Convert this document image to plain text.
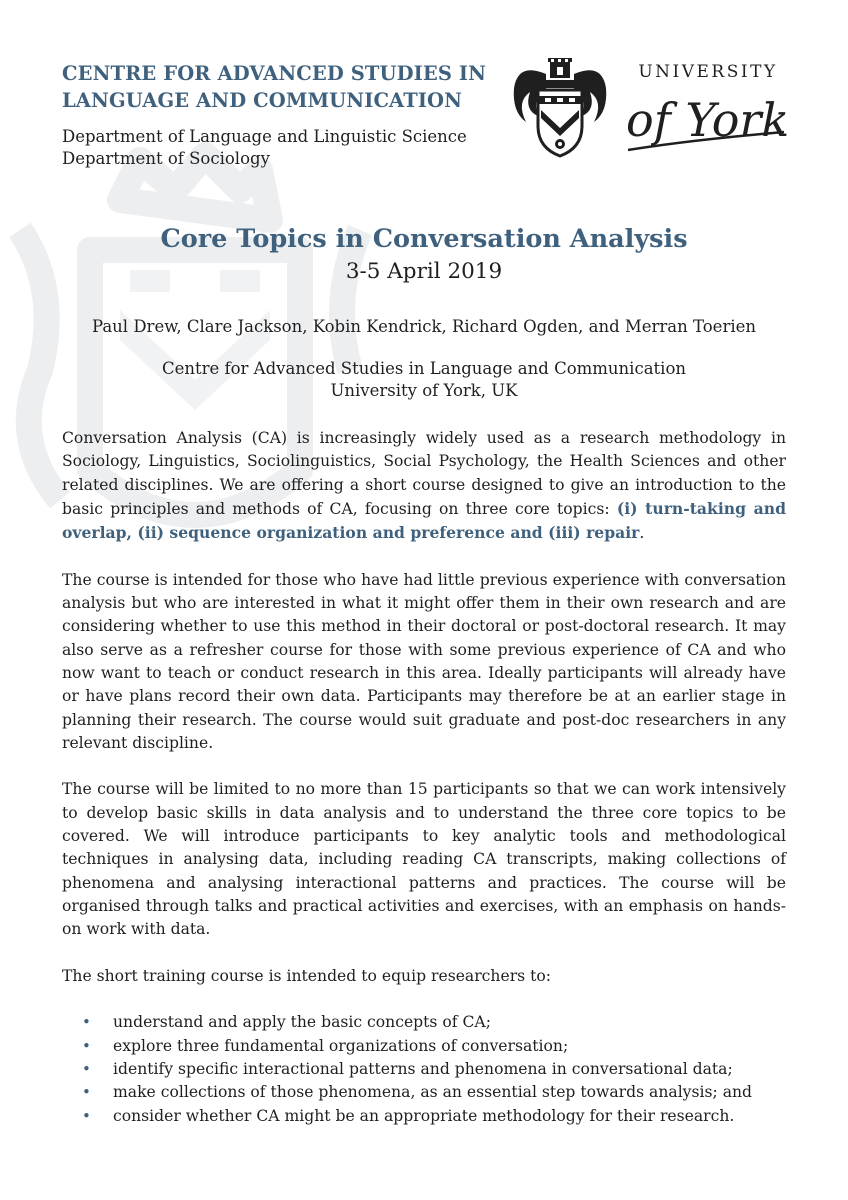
CENTRE FOR ADVANCED STUDIES IN
LANGUAGE AND COMMUNICATION
Department of Language and Linguistic Science
Department of Sociology
UNIVERSITY
of York
Core Topics in Conversation Analysis
3-5 April 2019
Paul Drew, Clare Jackson, Kobin Kendrick, Richard Ogden, and Merran Toerien
Centre for Advanced Studies in Language and Communication
University of York, UK

Conversation Analysis (CA) is increasingly widely used as a research methodology in Sociology, Linguistics, Sociolinguistics, Social Psychology, the Health Sciences and other related disciplines. We are offering a short course designed to give an introduction to the basic principles and methods of CA, focusing on three core topics: (i) turn-taking and overlap, (ii) sequence organization and preference and (iii) repair.

The course is intended for those who have had little previous experience with conversation analysis but who are interested in what it might offer them in their own research and are considering whether to use this method in their doctoral or post-doctoral research. It may also serve as a refresher course for those with some previous experience of CA and who now want to teach or conduct research in this area. Ideally participants will already have or have plans record their own data. Participants may therefore be at an earlier stage in planning their research. The course would suit graduate and post-doc researchers in any relevant discipline.

The course will be limited to no more than 15 participants so that we can work intensively to develop basic skills in data analysis and to understand the three core topics to be covered. We will introduce participants to key analytic tools and methodological techniques in analysing data, including reading CA transcripts, making collections of phenomena and analysing interactional patterns and practices. The course will be organised through talks and practical activities and exercises, with an emphasis on hands-on work with data.

The short training course is intended to equip researchers to:

• understand and apply the basic concepts of CA;
• explore three fundamental organizations of conversation;
• identify specific interactional patterns and phenomena in conversational data;
• make collections of those phenomena, as an essential step towards analysis; and
• consider whether CA might be an appropriate methodology for their research.
